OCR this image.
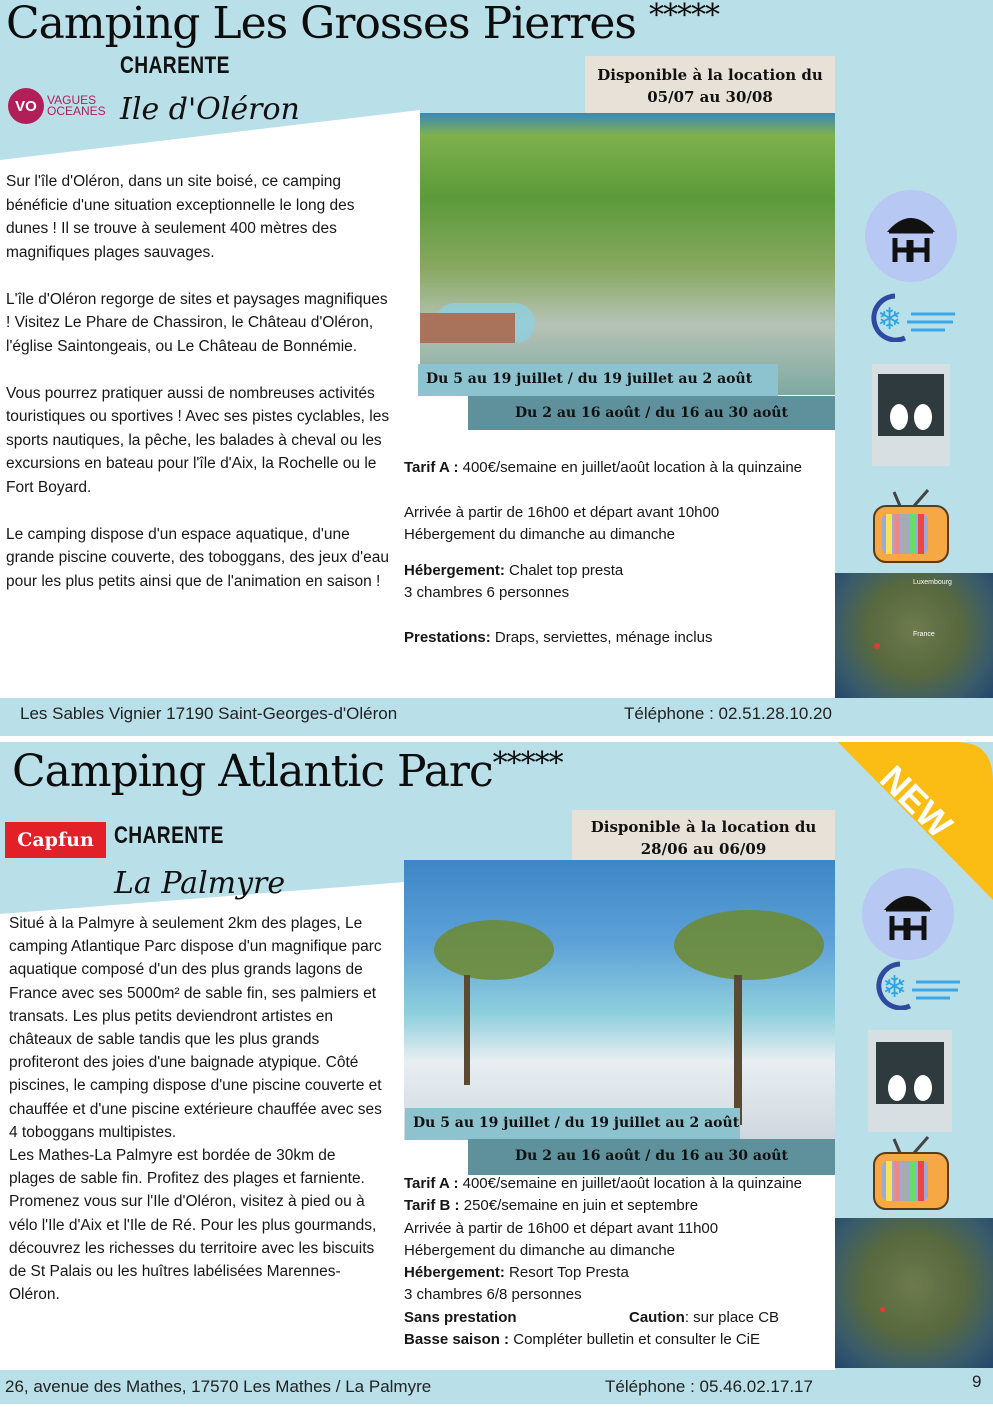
Camping Les Grosses Pierres *****
CHARENTE
VO VAGUES
OCEANES Ile d'Oléron
Disponible à la location du
05/07 au 30/08
Du 5 au 19 juillet / du 19 juillet au 2 août
Du 2 au 16 août / du 16 au 30 août

Sur l'île d'Oléron, dans un site boisé, ce camping bénéficie d'une situation exceptionnelle le long des dunes ! Il se trouve à seulement 400 mètres des magnifiques plages sauvages.

L'île d'Oléron regorge de sites et paysages magnifiques ! Visitez Le Phare de Chassiron, le Château d'Oléron, l'église Saintongeais, ou Le Château de Bonnémie.

Vous pourrez pratiquer aussi de nombreuses activités touristiques ou sportives ! Avec ses pistes cyclables, les sports nautiques, la pêche, les balades à cheval ou les excursions en bateau pour l'île d'Aix, la Rochelle ou le Fort Boyard.

Le camping dispose d'un espace aquatique, d'une grande piscine couverte, des toboggans, des jeux d'eau pour les plus petits ainsi que de l'animation en saison !

Tarif A : 400€/semaine en juillet/août location à la quinzaine
Arrivée à partir de 16h00 et départ avant 10h00
Hébergement du dimanche au dimanche
Hébergement: Chalet top presta
3 chambres 6 personnes
Prestations: Draps, serviettes, ménage inclus
❄
Luxembourg
France
●
Les Sables Vignier 17190 Saint-Georges-d'Oléron	Téléphone : 02.51.28.10.20
Camping Atlantic Parc*****	NEW
Capfun CHARENTE
La Palmyre
Disponible à la location du
28/06 au 06/09
Du 5 au 19 juillet / du 19 juillet au 2 août
Du 2 au 16 août / du 16 au 30 août
Situé à la Palmyre à seulement 2km des plages, Le camping Atlantique Parc dispose d'un magnifique parc aquatique composé d'un des plus grands lagons de France avec ses 5000m² de sable fin, ses palmiers et transats. Les plus petits deviendront artistes en châteaux de sable tandis que les plus grands profiteront des joies d'une baignade atypique. Côté piscines, le camping dispose d'une piscine couverte et chauffée et d'une piscine extérieure chauffée avec ses 4 toboggans multipistes.
Les Mathes-La Palmyre est bordée de 30km de plages de sable fin. Profitez des plages et farniente. Promenez vous sur l'Ile d'Oléron, visitez à pied ou à vélo l'Ile d'Aix et l'Ile de Ré. Pour les plus gourmands, découvrez les richesses du territoire avec les biscuits de St Palais ou les huîtres labélisées Marennes-Oléron.
Tarif A : 400€/semaine en juillet/août location à la quinzaine
Tarif B : 250€/semaine en juin et septembre
Arrivée à partir de 16h00 et départ avant 11h00
Hébergement du dimanche au dimanche
Hébergement: Resort Top Presta
3 chambres 6/8 personnes
Sans prestation	Caution: sur place CB
Basse saison : Compléter bulletin et consulter le CiE
❄
●
26, avenue des Mathes, 17570 Les Mathes / La Palmyre	Téléphone : 05.46.02.17.17	9
